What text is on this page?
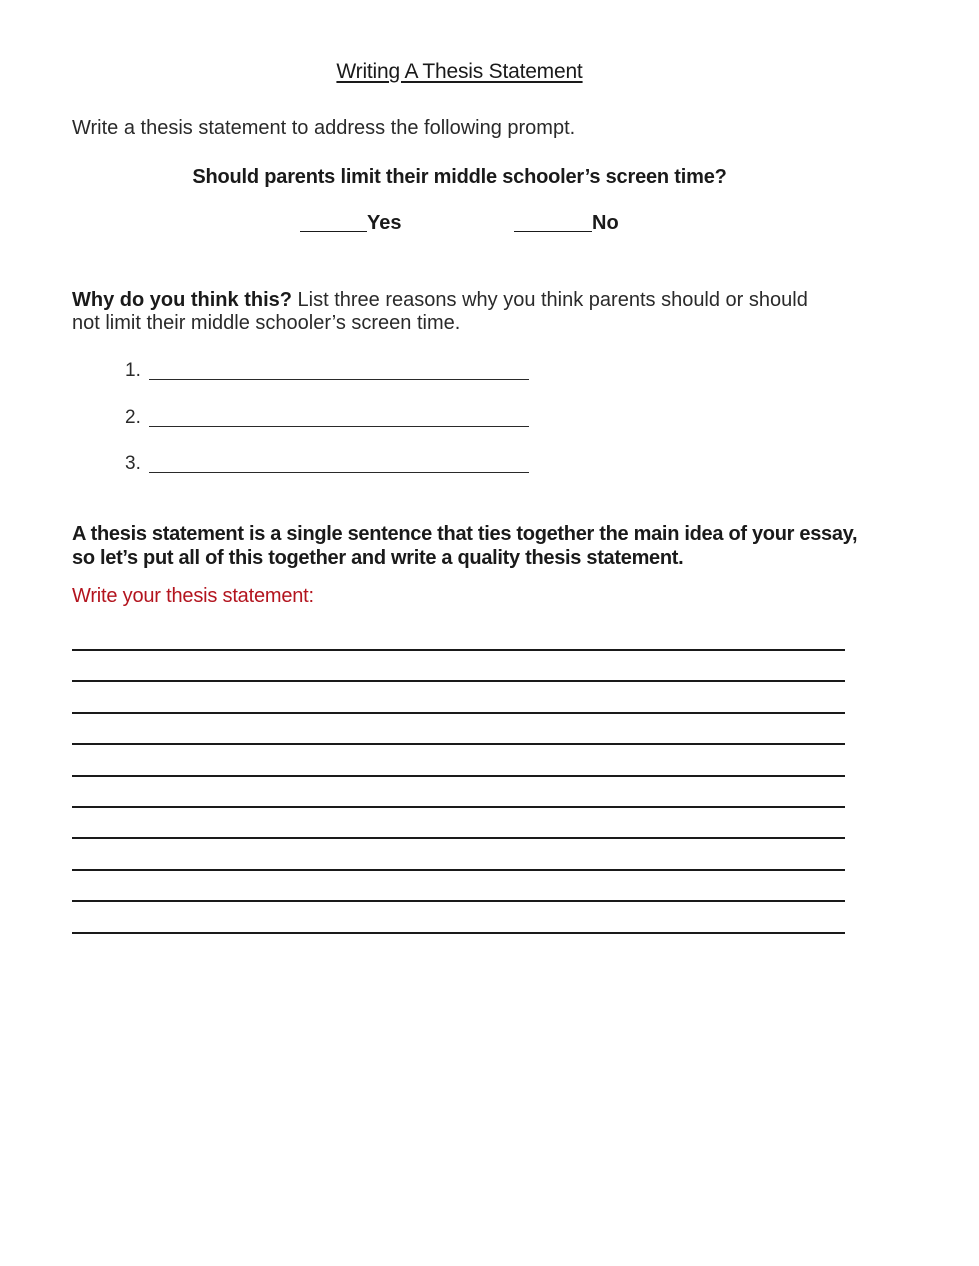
Writing A Thesis Statement
Write a thesis statement to address the following prompt.
Should parents limit their middle schooler’s screen time?
Yes	No
Why do you think this? List three reasons why you think parents should or should not limit their middle schooler’s screen time.
1.
2.
3.
A thesis statement is a single sentence that ties together the main idea of your essay, so let’s put all of this together and write a quality thesis statement.
Write your thesis statement:
